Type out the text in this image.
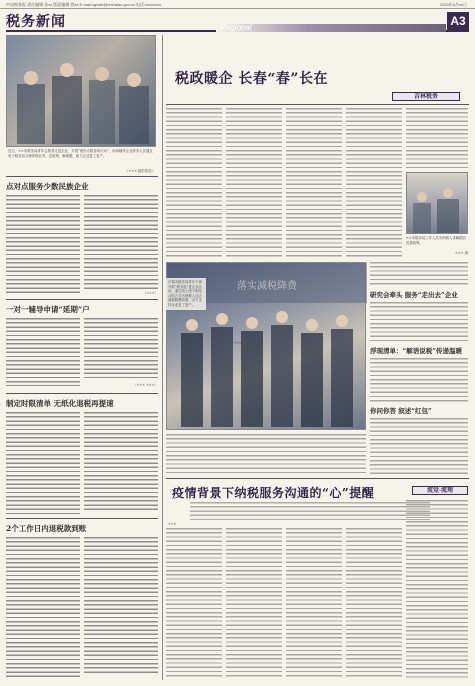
中国税务报 责任编辑 张xx 版面编辑 徐xx E-mail:zgswb@chinatax.gov.cn 电话:xxxxxxxx	2020年4月xx日
税务新闻	Regional	A3
近日，××市税务局青年志愿者走进企业，开展“便民办税春风行动”，现场辅导企业财务人员通过电子税务局办理涉税业务，送政策、解难题，助力企业复工复产。
（××× 摄影报道）
点对点服务少数民族企业
（×××）
一对一辅导申请“延期”户
（××× ×××）
制定时限清单 无纸化退税再提速
2个工作日内退税款到账
吉林税务
税政暖企 长春“春”长在
××市税务局工作人员为纳税人讲解税收优惠政策。
××× 摄
落实减税降费
长春市税务局青年干部开展“税务蓝”进企业活动，通过线上线下相结合的方式为纳税人送去减税降费政策，全力支持企业复工复产。
××× 摄
研究会牵头 服务“走出去”企业
浮现清单：“解语说税”传递温暖
你问你答 叙述“红包”
疫情背景下纳税服务沟通的“心”提醒	流觉·流理
×××
